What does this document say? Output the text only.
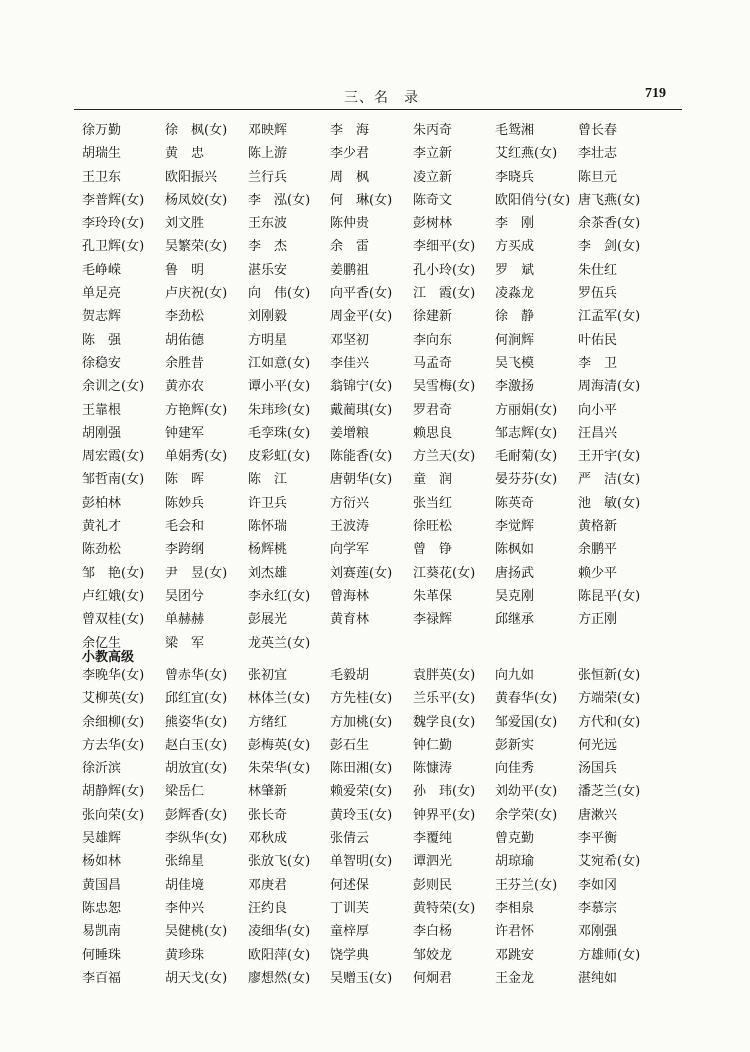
三、名　录	719
徐万勤	徐　枫(女) 邓映辉	李　海	朱丙奇	毛鸳湘	曾长春
胡瑞生	黄　忠	陈上游	李少君	李立新	艾红燕(女) 李壮志
王卫东	欧阳振兴 兰行兵	周　枫	凌立新	李晓兵	陈旦元
李普辉(女) 杨凤姣(女) 李　泓(女) 何　琳(女) 陈奇文	欧阳俏兮(女) 唐飞燕(女)
李玲玲(女) 刘文胜	王东波	陈仲贵	彭树林	李　刚	余茶香(女)
孔卫辉(女) 吴繁荣(女) 李　杰	余　雷	李细平(女) 方买成	李　剑(女)
毛峥嵘	鲁　明	湛乐安	姜鹏祖	孔小玲(女) 罗　斌	朱仕红
单足亮	卢庆祝(女) 向　伟(女) 向平香(女) 江　霞(女) 凌淼龙	罗伍兵
贺志辉	李劲松	刘刚毅	周金平(女) 徐建新	徐　静	江孟军(女)
陈　强	胡佑德	方明星	邓坚初	李向东	何涧辉	叶佑民
徐稳安	余胜昔	江如意(女) 李佳兴	马孟奇	吴飞模	李　卫
余训之(女) 黄亦农	谭小平(女) 翁锦宁(女) 吴雪梅(女) 李激扬	周海清(女)
王靠根	方艳辉(女) 朱玮珍(女) 戴蔺琪(女) 罗君奇	方丽娟(女) 向小平
胡刚强	钟建军	毛孪珠(女) 姜增粮	赖思良	邹志辉(女) 汪昌兴
周宏霞(女) 单娟秀(女) 皮彩虹(女) 陈能香(女) 方兰天(女) 毛耐菊(女) 王开宇(女)
邹哲南(女) 陈　晖	陈　江	唐朝华(女) 童　润	晏芬芬(女) 严　洁(女)
彭柏林	陈妙兵	许卫兵	方衍兴	张当红	陈英奇	池　敏(女)
黄礼才	毛会和	陈怀瑞	王波涛	徐旺松	李觉辉	黄格新
陈劲松	李跨纲	杨辉桃	向学军	曾　铮	陈枫如	余鹏平
邹　艳(女) 尹　昱(女) 刘杰雄	刘赛莲(女) 江葵花(女) 唐扬武	赖少平
卢红娥(女) 吴团兮	李永红(女) 曾海林	朱革保	吴克刚	陈昆平(女)
曾双桂(女) 单赫赫	彭展光	黄育林	李禄辉	邱继承	方正刚
余亿生	梁　军	龙英兰(女)
小教高级
李晚华(女) 曾赤华(女) 张初宜	毛毅胡	袁胖英(女) 向九如	张恒新(女)
艾柳英(女) 邱红宜(女) 林体兰(女) 方先桂(女) 兰乐平(女) 黄春华(女) 方端荣(女)
余细柳(女) 熊姿华(女) 方绪红	方加桃(女) 魏学良(女) 邹爱国(女) 方代和(女)
方去华(女) 赵白玉(女) 彭梅英(女) 彭石生	钟仁勤	彭新实	何光远
徐沂滨	胡放宜(女) 朱荣华(女) 陈田湘(女) 陈慷涛	向佳秀	汤国兵
胡静辉(女) 梁岳仁	林肇新	赖爱荣(女) 孙　玮(女) 刘幼平(女) 潘芝兰(女)
张向荣(女) 彭辉香(女) 张长奇	黄玲玉(女) 钟界平(女) 余学荣(女) 唐漱兴
吴雄辉	李纵华(女) 邓秋成	张倩云	李覆纯	曾克勤	李平衡
杨如林	张绵星	张放飞(女) 单智明(女) 谭泗光	胡琼瑜	艾宛希(女)
黄国昌	胡佳境	邓庚君	何述保	彭则民	王芬兰(女) 李如冈
陈忠恕	李仲兴	汪约良	丁训芙	黄特荣(女) 李相泉	李慕宗
易凯南	吴健桃(女) 凌细华(女) 童梓厚	李白杨	许君怀	邓刚强
何睡珠	黄珍珠	欧阳萍(女) 饶学典	邹姣龙	邓跳安	方雄师(女)
李百福	胡天戈(女) 廖想然(女) 吴赠玉(女) 何炯君	王金龙	湛纯如
